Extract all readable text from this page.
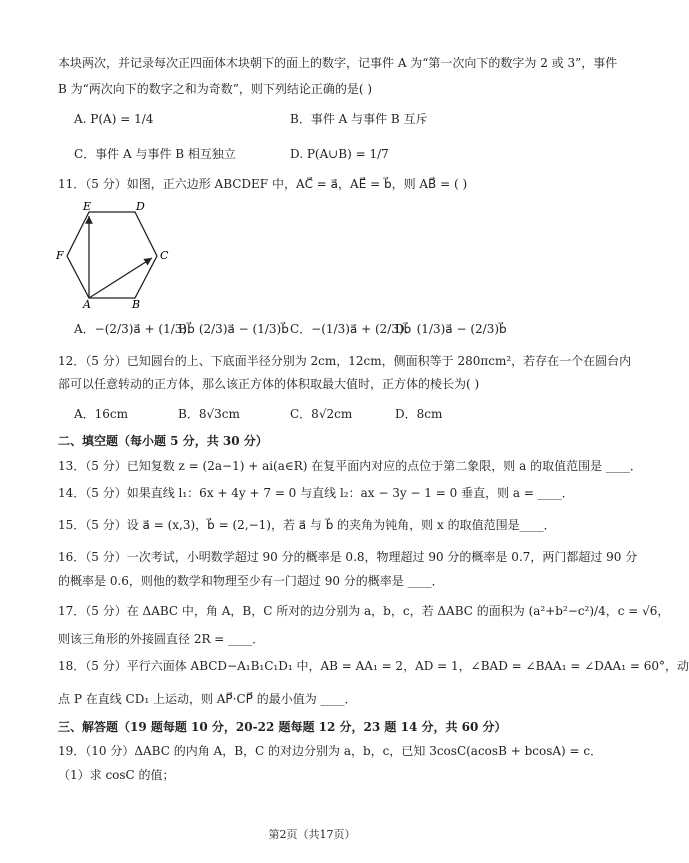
本块两次，并记录每次正四面体木块朝下的面上的数字，记事件 A 为“第一次向下的数字为 2 或 3”，事件
B 为“两次向下的数字之和为奇数”，则下列结论正确的是( )
A. P(A) = 1/4	B．事件 A 与事件 B 互斥
C．事件 A 与事件 B 相互独立	D. P(A∪B) = 1/7
11．（5 分）如图，正六边形 ABCDEF 中，AC⃗ = a⃗，AE⃗ = b⃗，则 AB⃗ = ( )
E	D
F	C
A	B
A．−(2/3)a⃗ + (1/3)b⃗
B．(2/3)a⃗ − (1/3)b⃗ C．−(1/3)a⃗ + (2/3)b⃗
D．(1/3)a⃗ − (2/3)b⃗
12．（5 分）已知圆台的上、下底面半径分别为 2cm，12cm，侧面积等于 280πcm²，若存在一个在圆台内
部可以任意转动的正方体，那么该正方体的体积取最大值时，正方体的棱长为( )
A．16cm	B．8√3cm	C．8√2cm	D．8cm
二、填空题（每小题 5 分，共 30 分）
13．（5 分）已知复数 z = (2a−1) + ai(a∈R) 在复平面内对应的点位于第二象限，则 a 的取值范围是 ____．
14．（5 分）如果直线 l₁：6x + 4y + 7 = 0 与直线 l₂：ax − 3y − 1 = 0 垂直，则 a = ____．
15．（5 分）设 a⃗ = (x,3)，b⃗ = (2,−1)，若 a⃗ 与 b⃗ 的夹角为钝角，则 x 的取值范围是____．
16．（5 分）一次考试，小明数学超过 90 分的概率是 0.8，物理超过 90 分的概率是 0.7，两门都超过 90 分
的概率是 0.6，则他的数学和物理至少有一门超过 90 分的概率是 ____．
17．（5 分）在 ΔABC 中，角 A，B，C 所对的边分别为 a，b，c，若 ΔABC 的面积为 (a²+b²−c²)/4，c = √6，
则该三角形的外接圆直径 2R = ____．
18．（5 分）平行六面体 ABCD−A₁B₁C₁D₁ 中，AB = AA₁ = 2，AD = 1，∠BAD = ∠BAA₁ = ∠DAA₁ = 60°，动
点 P 在直线 CD₁ 上运动，则 AP⃗·CP⃗ 的最小值为 ____．
三、解答题（19 题每题 10 分，20-22 题每题 12 分，23 题 14 分，共 60 分）
19．（10 分）ΔABC 的内角 A，B，C 的对边分别为 a，b，c，已知 3cosC(acosB + bcosA) = c．
（1）求 cosC 的值；
第2页（共17页）
